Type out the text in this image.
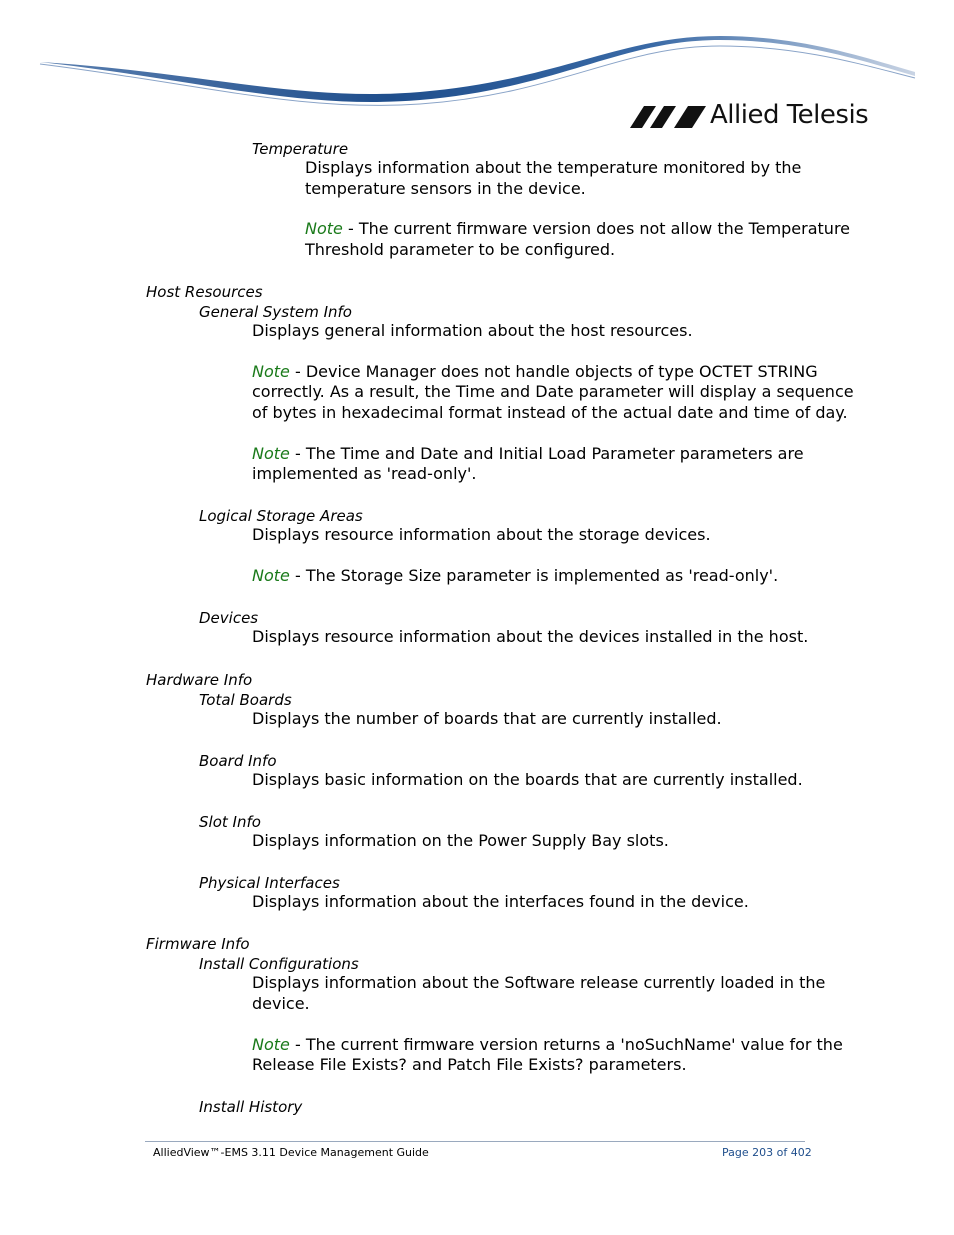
Allied Telesis
Temperature
Displays information about the temperature monitored by the
temperature sensors in the device.
Note - The current firmware version does not allow the Temperature
Threshold parameter to be configured.
Host Resources
General System Info
Displays general information about the host resources.
Note - Device Manager does not handle objects of type OCTET STRING
correctly. As a result, the Time and Date parameter will display a sequence
of bytes in hexadecimal format instead of the actual date and time of day.
Note - The Time and Date and Initial Load Parameter parameters are
implemented as 'read-only'.
Logical Storage Areas
Displays resource information about the storage devices.
Note - The Storage Size parameter is implemented as 'read-only'.
Devices
Displays resource information about the devices installed in the host.
Hardware Info
Total Boards
Displays the number of boards that are currently installed.
Board Info
Displays basic information on the boards that are currently installed.
Slot Info
Displays information on the Power Supply Bay slots.
Physical Interfaces
Displays information about the interfaces found in the device.
Firmware Info
Install Configurations
Displays information about the Software release currently loaded in the
device.
Note - The current firmware version returns a 'noSuchName' value for the
Release File Exists? and Patch File Exists? parameters.
Install History
AlliedView™-EMS 3.11 Device Management Guide	Page 203 of 402
